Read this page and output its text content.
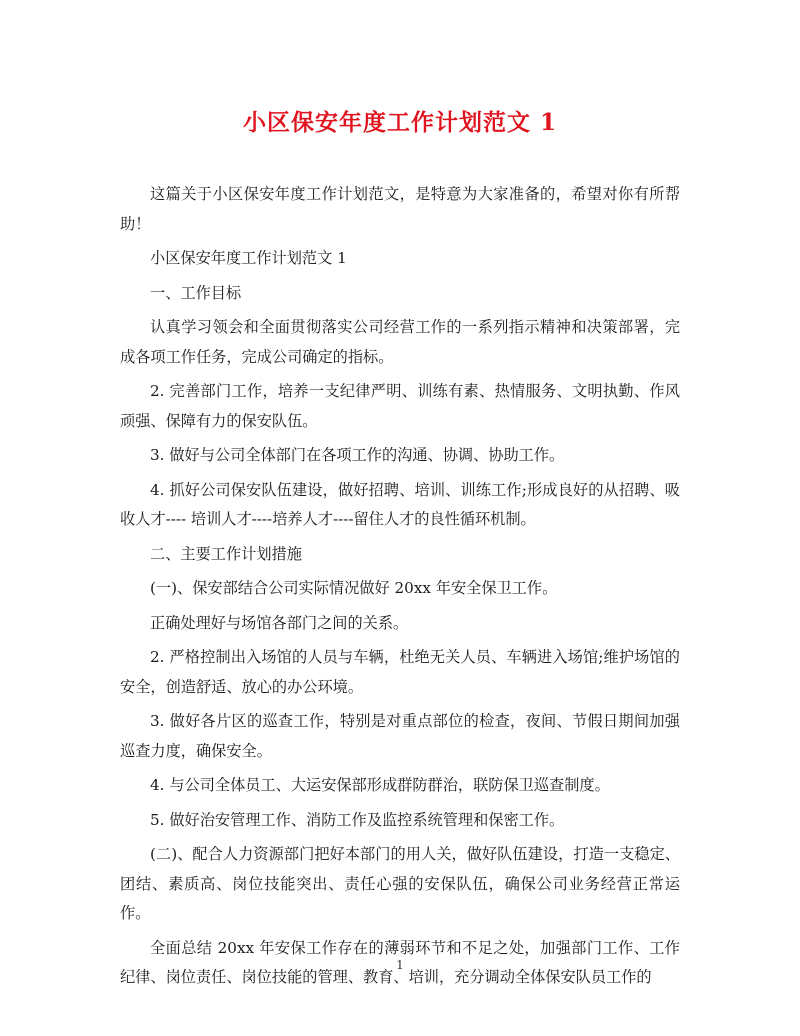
小区保安年度工作计划范文 1

这篇关于小区保安年度工作计划范文，是特意为大家准备的，希望对你有所帮助！

小区保安年度工作计划范文 1

一、工作目标

认真学习领会和全面贯彻落实公司经营工作的一系列指示精神和决策部署，完成各项工作任务，完成公司确定的指标。

2. 完善部门工作，培养一支纪律严明、训练有素、热情服务、文明执勤、作风顽强、保障有力的保安队伍。

3. 做好与公司全体部门在各项工作的沟通、协调、协助工作。

4. 抓好公司保安队伍建设，做好招聘、培训、训练工作;形成良好的从招聘、吸收人才---- 培训人才----培养人才----留住人才的良性循环机制。

二、主要工作计划措施

(一)、保安部结合公司实际情况做好 20xx 年安全保卫工作。

正确处理好与场馆各部门之间的关系。

2. 严格控制出入场馆的人员与车辆，杜绝无关人员、车辆进入场馆;维护场馆的安全，创造舒适、放心的办公环境。

3. 做好各片区的巡查工作，特别是对重点部位的检查，夜间、节假日期间加强巡查力度，确保安全。

4. 与公司全体员工、大运安保部形成群防群治，联防保卫巡查制度。

5. 做好治安管理工作、消防工作及监控系统管理和保密工作。

(二)、配合人力资源部门把好本部门的用人关，做好队伍建设，打造一支稳定、团结、素质高、岗位技能突出、责任心强的安保队伍，确保公司业务经营正常运作。

全面总结 20xx 年安保工作存在的薄弱环节和不足之处，加强部门工作、工作纪律、岗位责任、岗位技能的管理、教育、培训，充分调动全体保安队员工作的

1
